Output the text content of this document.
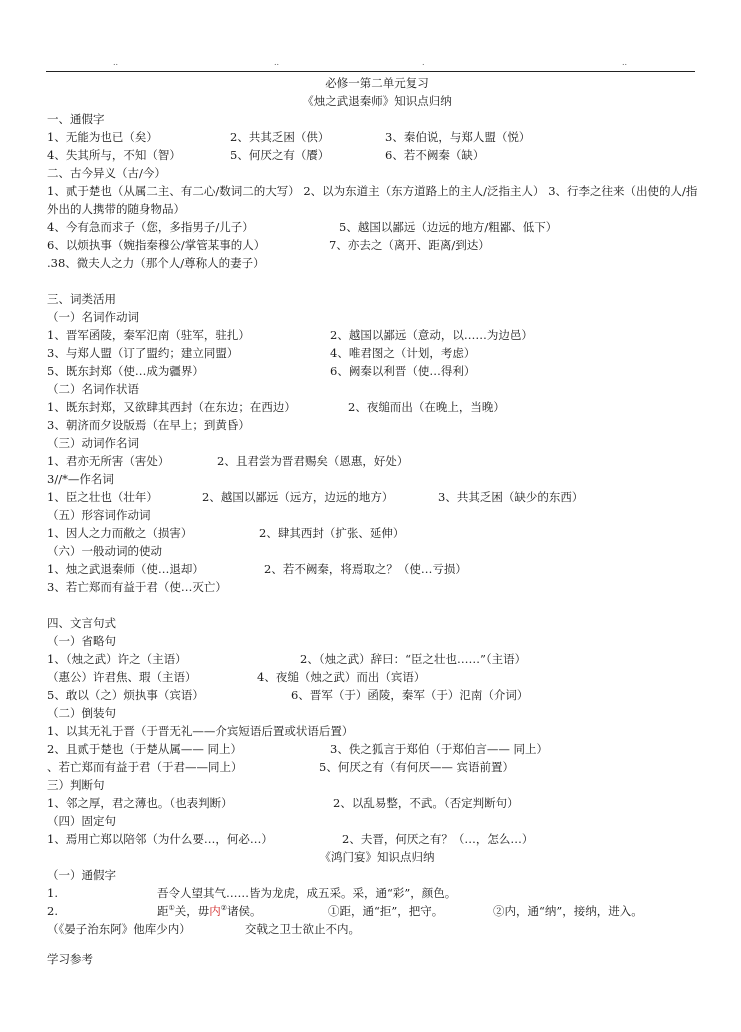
..	..	.	..
必修一第二单元复习
《烛之武退秦师》知识点归纳
一、通假字
1、无能为也已（矣）	2、共其乏困（供）	3、秦伯说，与郑人盟（悦）
4、失其所与，不知（智）	5、何厌之有（餍）	6、若不阙秦（缺）
二、古今异义（古/今）
1、贰于楚也（从属二主、有二心/数词二的大写） 2、以为东道主（东方道路上的主人/泛指主人） 3、行李之往来（出使的人/指外出的人携带的随身物品）
4、今有急而求子（您，多指男子/儿子）	5、越国以鄙远（边远的地方/粗鄙、低下）
6、以烦执事（婉指秦穆公/掌管某事的人）	7、亦去之（离开、距离/到达）
.38、微夫人之力（那个人/尊称人的妻子）
三、词类活用
（一）名词作动词
1、晋军函陵，秦军氾南（驻军，驻扎）	2、越国以鄙远（意动，以……为边邑）
3、与郑人盟（订了盟约；建立同盟）	4、唯君图之（计划，考虑）
5、既东封郑（使…成为疆界）	6、阙秦以利晋（使…得利）
（二）名词作状语
1、既东封郑，又欲肆其西封（在东边；在西边）	2、夜缒而出（在晚上，当晚）
3、朝济而夕设版焉（在早上；到黄昏）
（三）动词作名词
1、君亦无所害（害处）	2、且君尝为晋君赐矣（恩惠，好处）
3//*—作名词
1、臣之壮也（壮年）	2、越国以鄙远（远方，边远的地方）	3、共其乏困（缺少的东西）
（五）形容词作动词
1、因人之力而敝之（损害）	2、肆其西封（扩张、延伸）
（六）一般动词的使动
1、烛之武退秦师（使…退却）	2、若不阙秦，将焉取之？（使…亏损）
3、若亡郑而有益于君（使…灭亡）
四、文言句式
（一）省略句
1、（烛之武）许之（主语）	2、（烛之武）辞曰：“臣之壮也……”（主语）
（惠公）许君焦、瑕（主语）	4、夜缒（烛之武）而出（宾语）
5、敢以（之）烦执事（宾语）	6、晋军（于）函陵，秦军（于）氾南（介词）
（二）倒装句
1、以其无礼于晋（于晋无礼——介宾短语后置或状语后置）
2、且贰于楚也（于楚从属—— 同上）	3、佚之狐言于郑伯（于郑伯言—— 同上）
、若亡郑而有益于君（于君——同上）	5、何厌之有（有何厌—— 宾语前置）
三）判断句
1、邻之厚，君之薄也。（也表判断）	2、以乱易整，不武。（否定判断句）
（四）固定句
1、焉用亡郑以陪邻（为什么要…，何必…）	2、夫晋，何厌之有？（…，怎么…）
《鸿门宴》知识点归纳
（一）通假字
1.	吾令人望其气……皆为龙虎，成五采。采，通“彩”，颜色。
2.	距①关，毋内②诸侯。	①距，通“拒”，把守。	②内，通“纳”，接纳，进入。
（《晏子治东阿》他库少内）	交戟之卫士欲止不内。
学习参考
